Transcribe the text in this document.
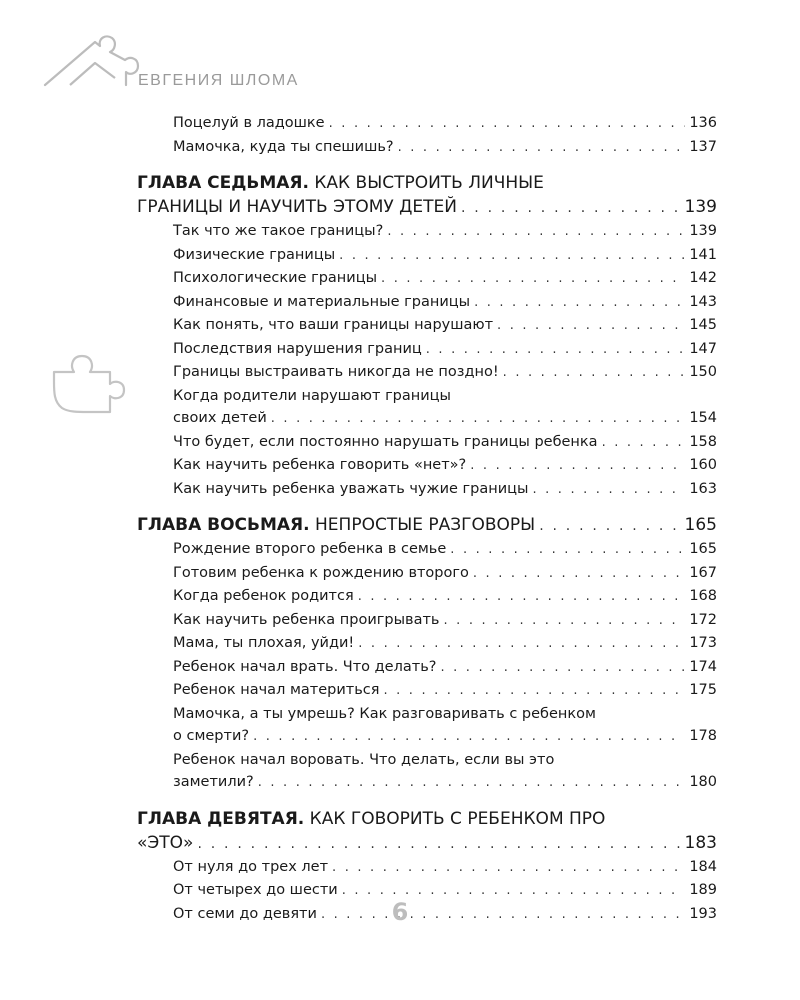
ЕВГЕНИЯ ШЛОМА
Поцелуй в ладошке . . .	136
Мамочка, куда ты спешишь? . . .	137
ГЛАВА СЕДЬМАЯ. КАК ВЫСТРОИТЬ ЛИЧНЫЕ
ГРАНИЦЫ И НАУЧИТЬ ЭТОМУ ДЕТЕЙ . . .	139
Так что же такое границы? . . .	139
Физические границы . . .	141
Психологические границы . . .	142
Финансовые и материальные границы . . .	143
Как понять, что ваши границы нарушают . . .	145
Последствия нарушения границ . . .	147
Границы выстраивать никогда не поздно! . . .	150
Когда родители нарушают границы
своих детей . . .	154
Что будет, если постоянно нарушать границы ребенка . . .	158
Как научить ребенка говорить «нет»? . . .	160
Как научить ребенка уважать чужие границы . . .	163
ГЛАВА ВОСЬМАЯ. НЕПРОСТЫЕ РАЗГОВОРЫ . . .	165
Рождение второго ребенка в семье . . .	165
Готовим ребенка к рождению второго . . .	167
Когда ребенок родится . . .	168
Как научить ребенка проигрывать . . .	172
Мама, ты плохая, уйди! . . .	173
Ребенок начал врать. Что делать? . . .	174
Ребенок начал материться . . .	175
Мамочка, а ты умрешь? Как разговаривать с ребенком
о смерти? . . .	178
Ребенок начал воровать. Что делать, если вы это
заметили? . . .	180
ГЛАВА ДЕВЯТАЯ. КАК ГОВОРИТЬ С РЕБЕНКОМ ПРО
«ЭТО» . . .	183
От нуля до трех лет . . .	184
От четырех до шести . . .	189
От семи до девяти . . .	193
6
